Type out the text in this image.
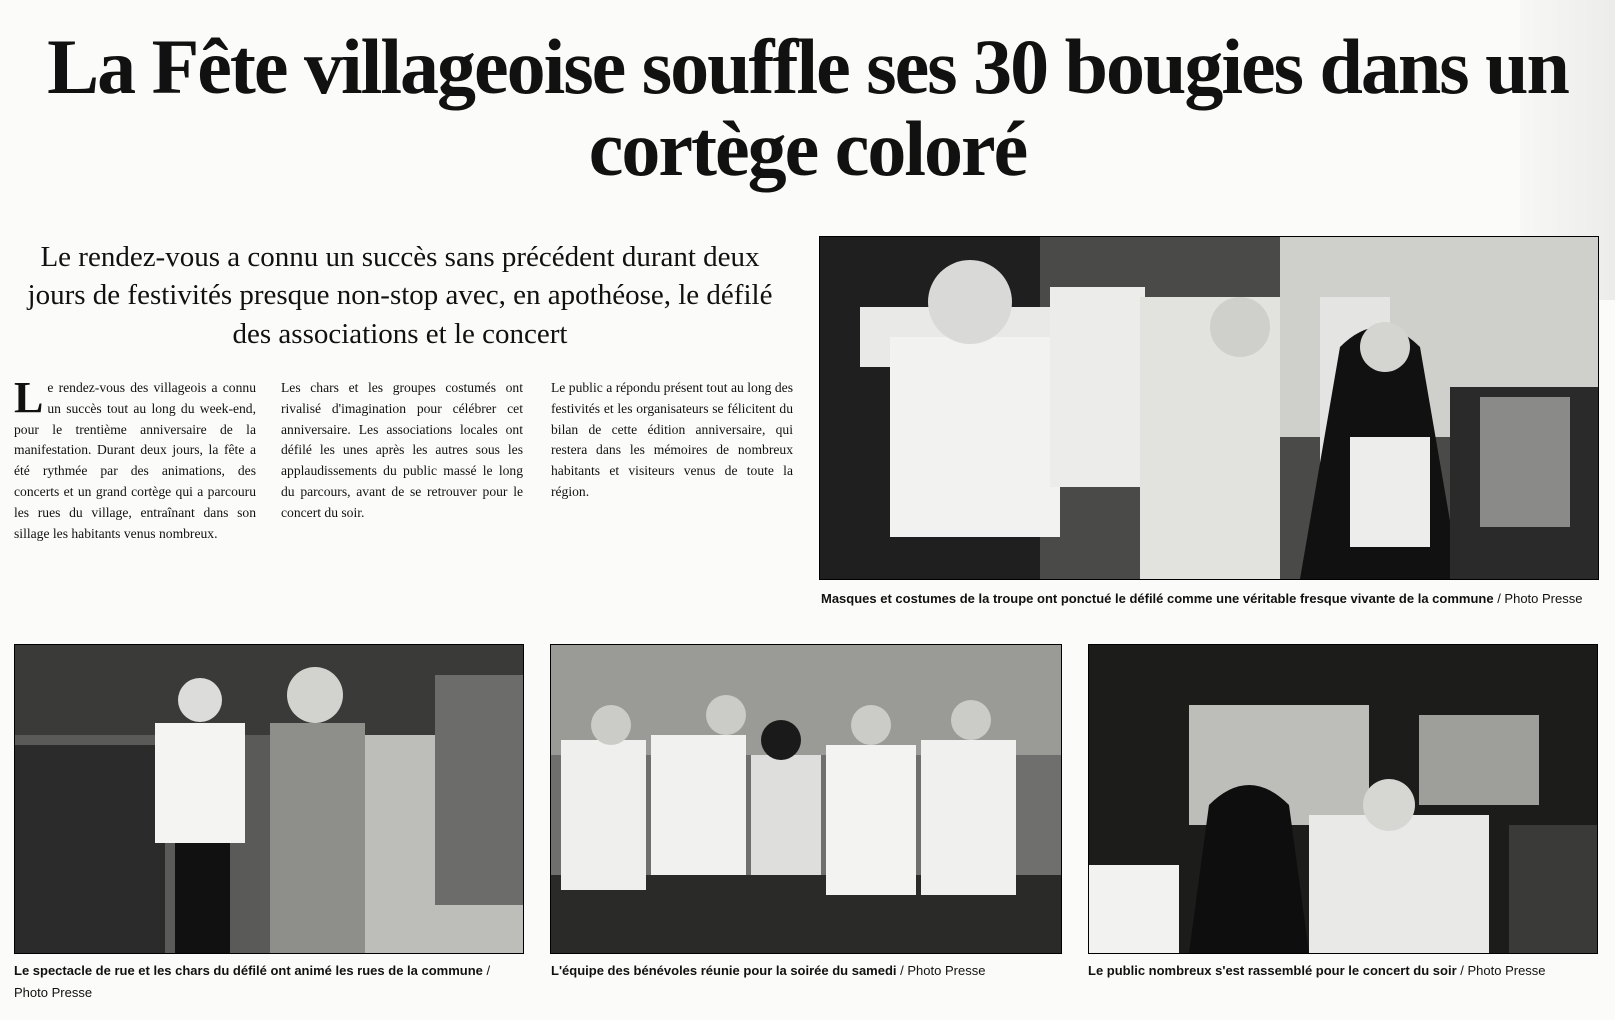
La Fête villageoise souffle ses 30 bougies dans un cortège coloré
Le rendez-vous a connu un succès sans précédent durant deux jours de festivités presque non-stop avec, en apothéose, le défilé des associations et le concert
L e rendez-vous des villageois a connu un succès tout au long du week-end, pour le trentième anniversaire de la manifestation. Durant deux jours, la fête a été rythmée par des animations, des concerts et un grand cortège qui a parcouru les rues du village, entraînant dans son sillage les habitants venus nombreux.
Les chars et les groupes costumés ont rivalisé d'imagination pour célébrer cet anniversaire. Les associations locales ont défilé les unes après les autres sous les applaudissements du public massé le long du parcours, avant de se retrouver pour le concert du soir.
Le public a répondu présent tout au long des festivités et les organisateurs se félicitent du bilan de cette édition anniversaire, qui restera dans les mémoires de nombreux habitants et visiteurs venus de toute la région.
Masques et costumes de la troupe ont ponctué le défilé comme une véritable fresque vivante de la commune / Photo Presse
Le spectacle de rue et les chars du défilé ont animé les rues de la commune / Photo Presse
L'équipe des bénévoles réunie pour la soirée du samedi / Photo Presse	Le public nombreux s'est rassemblé pour le concert du soir / Photo Presse
